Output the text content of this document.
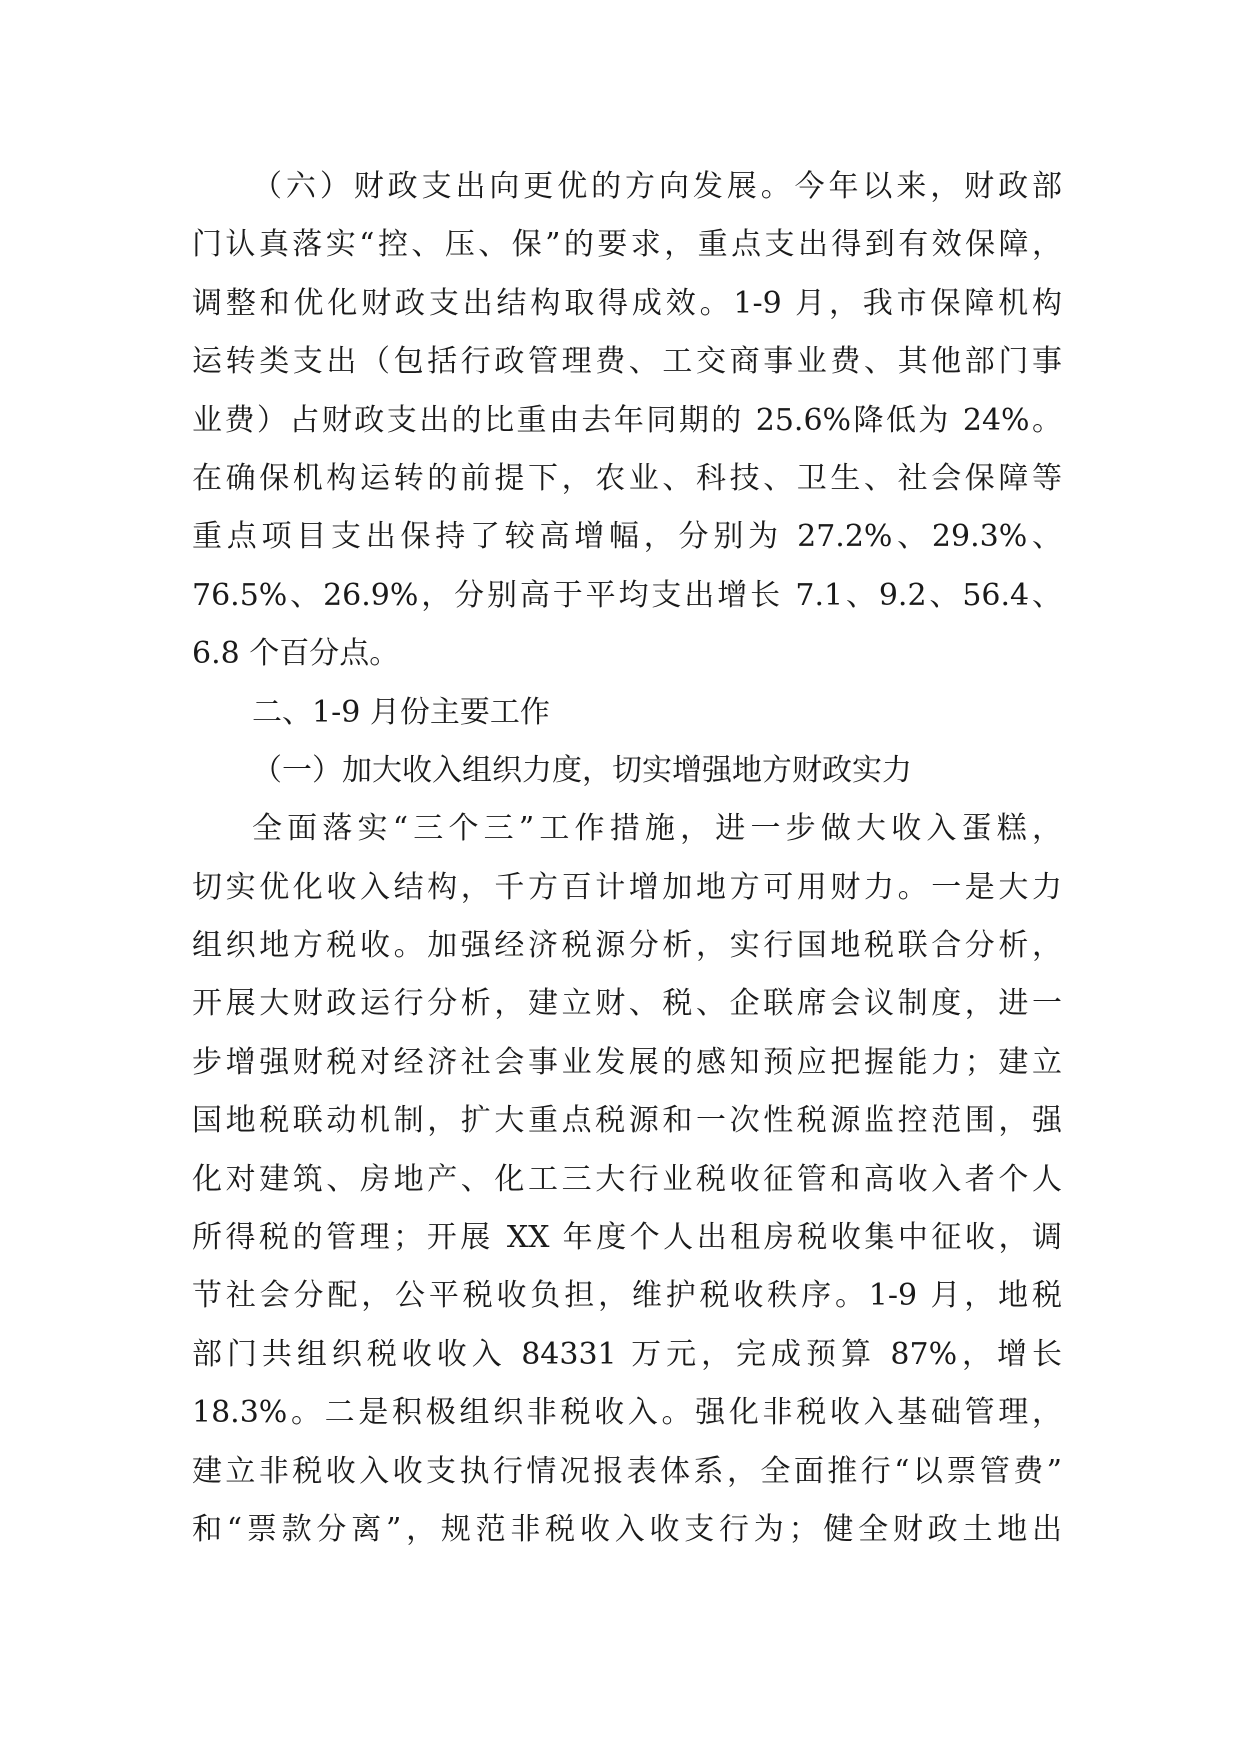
（六）财政支出向更优的方向发展。今年以来，财政部
门认真落实“控、压、保”的要求，重点支出得到有效保障，
调整和优化财政支出结构取得成效。1-9 月，我市保障机构
运转类支出（包括行政管理费、工交商事业费、其他部门事
业费）占财政支出的比重由去年同期的 25.6%降低为 24%。
在确保机构运转的前提下，农业、科技、卫生、社会保障等
重点项目支出保持了较高增幅，分别为 27.2%、29.3%、
76.5%、26.9%，分别高于平均支出增长 7.1、9.2、56.4、
6.8 个百分点。
二、1-9 月份主要工作
（一）加大收入组织力度，切实增强地方财政实力
全面落实“三个三”工作措施，进一步做大收入蛋糕，
切实优化收入结构，千方百计增加地方可用财力。一是大力
组织地方税收。加强经济税源分析，实行国地税联合分析，
开展大财政运行分析，建立财、税、企联席会议制度，进一
步增强财税对经济社会事业发展的感知预应把握能力；建立
国地税联动机制，扩大重点税源和一次性税源监控范围，强
化对建筑、房地产、化工三大行业税收征管和高收入者个人
所得税的管理；开展 XX 年度个人出租房税收集中征收，调
节社会分配，公平税收负担，维护税收秩序。1-9 月，地税
部门共组织税收收入 84331 万元，完成预算 87%，增长
18.3%。二是积极组织非税收入。强化非税收入基础管理，
建立非税收入收支执行情况报表体系，全面推行“以票管费”
和“票款分离”，规范非税收入收支行为；健全财政土地出
